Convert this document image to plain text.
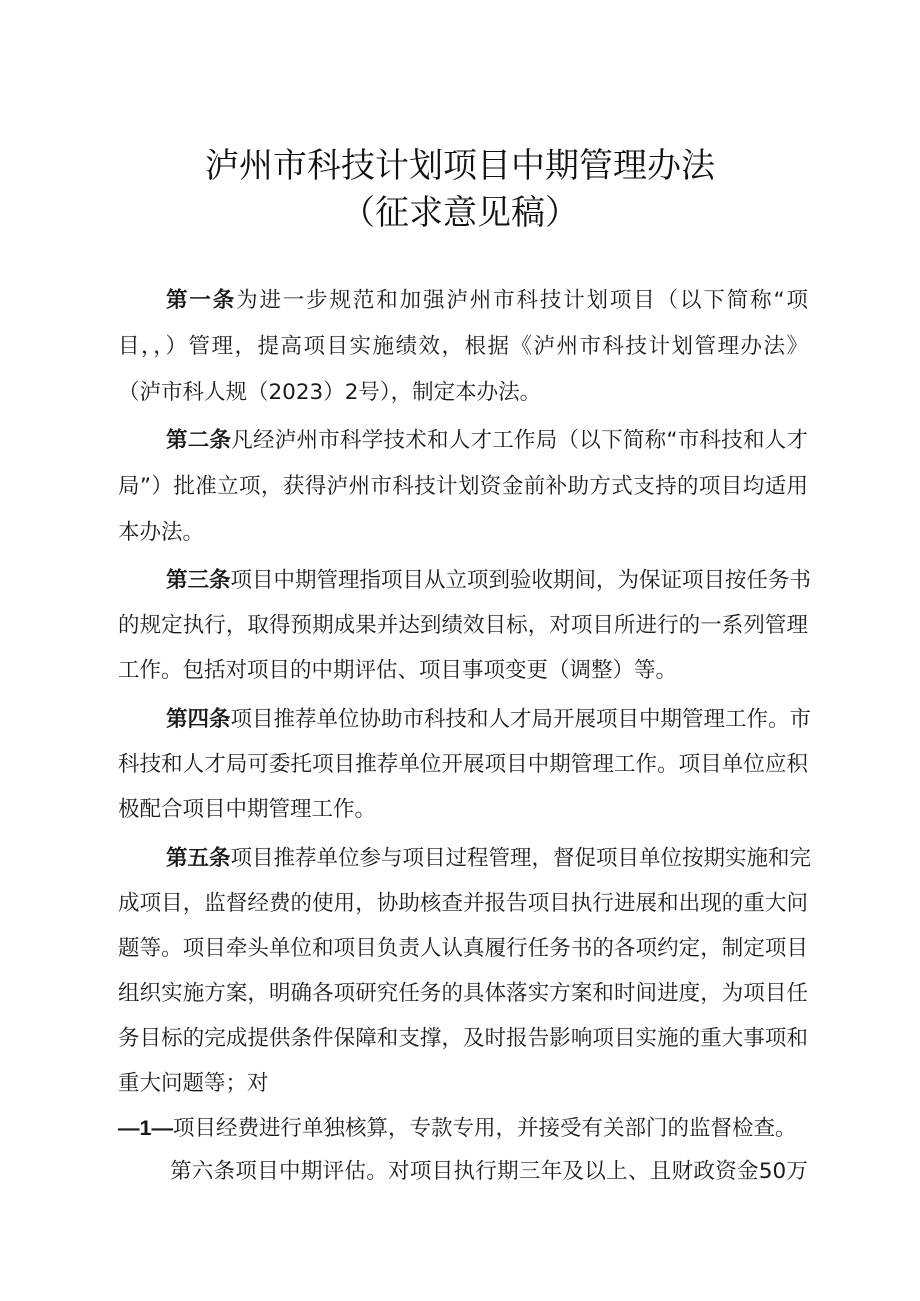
泸州市科技计划项目中期管理办法
（征求意见稿）
第一条为进一步规范和加强泸州市科技计划项目（以下简称“项
目，，）管理，提高项目实施绩效，根据《泸州市科技计划管理办法》
（泸市科人规（2023）2号），制定本办法。
第二条凡经泸州市科学技术和人才工作局（以下简称“市科技和人才
局”）批准立项，获得泸州市科技计划资金前补助方式支持的项目均适用
本办法。
第三条项目中期管理指项目从立项到验收期间，为保证项目按任务书
的规定执行，取得预期成果并达到绩效目标，对项目所进行的一系列管理
工作。包括对项目的中期评估、项目事项变更（调整）等。
第四条项目推荐单位协助市科技和人才局开展项目中期管理工作。市
科技和人才局可委托项目推荐单位开展项目中期管理工作。项目单位应积
极配合项目中期管理工作。
第五条项目推荐单位参与项目过程管理，督促项目单位按期实施和完
成项目，监督经费的使用，协助核查并报告项目执行进展和出现的重大问
题等。项目牵头单位和项目负责人认真履行任务书的各项约定，制定项目
组织实施方案，明确各项研究任务的具体落实方案和时间进度，为项目任
务目标的完成提供条件保障和支撑，及时报告影响项目实施的重大事项和
重大问题等；对
—1—项目经费进行单独核算，专款专用，并接受有关部门的监督检查。
第六条项目中期评估。对项目执行期三年及以上、且财政资金50万
